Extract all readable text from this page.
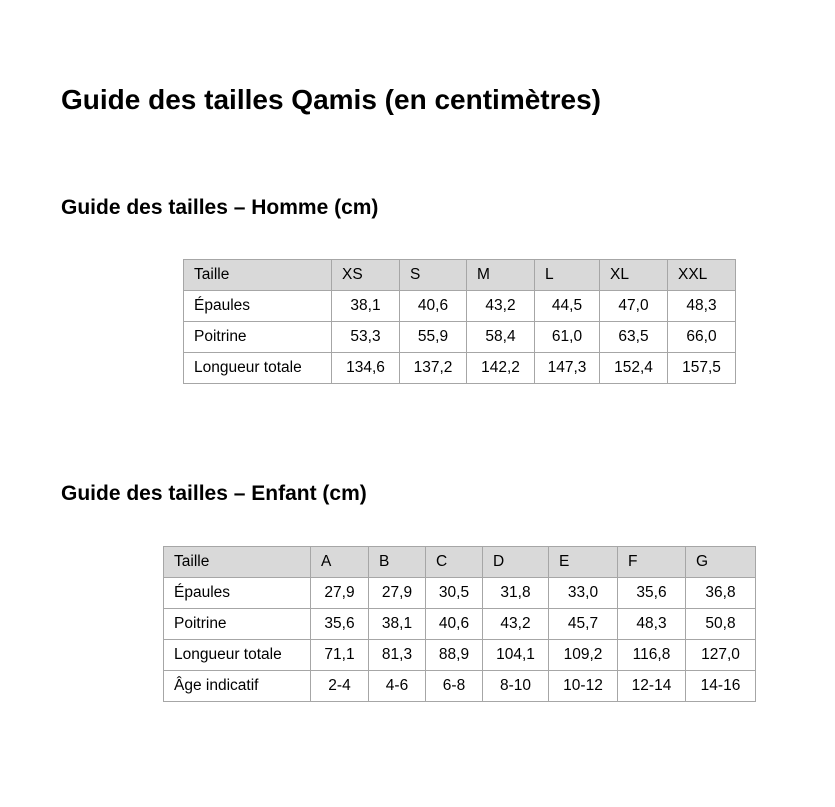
Guide des tailles Qamis (en centimètres)
Guide des tailles – Homme (cm)
Taille	XS	S	M	L	XL	XXL
Épaules	38,1	40,6	43,2	44,5	47,0	48,3
Poitrine	53,3	55,9	58,4	61,0	63,5	66,0
Longueur totale	134,6	137,2	142,2	147,3	152,4	157,5
Guide des tailles – Enfant (cm)
Taille	A	B	C	D	E	F	G
Épaules	27,9	27,9	30,5	31,8	33,0	35,6	36,8
Poitrine	35,6	38,1	40,6	43,2	45,7	48,3	50,8
Longueur totale	71,1	81,3	88,9	104,1	109,2	116,8	127,0
Âge indicatif	2-4	4-6	6-8	8-10	10-12	12-14	14-16
